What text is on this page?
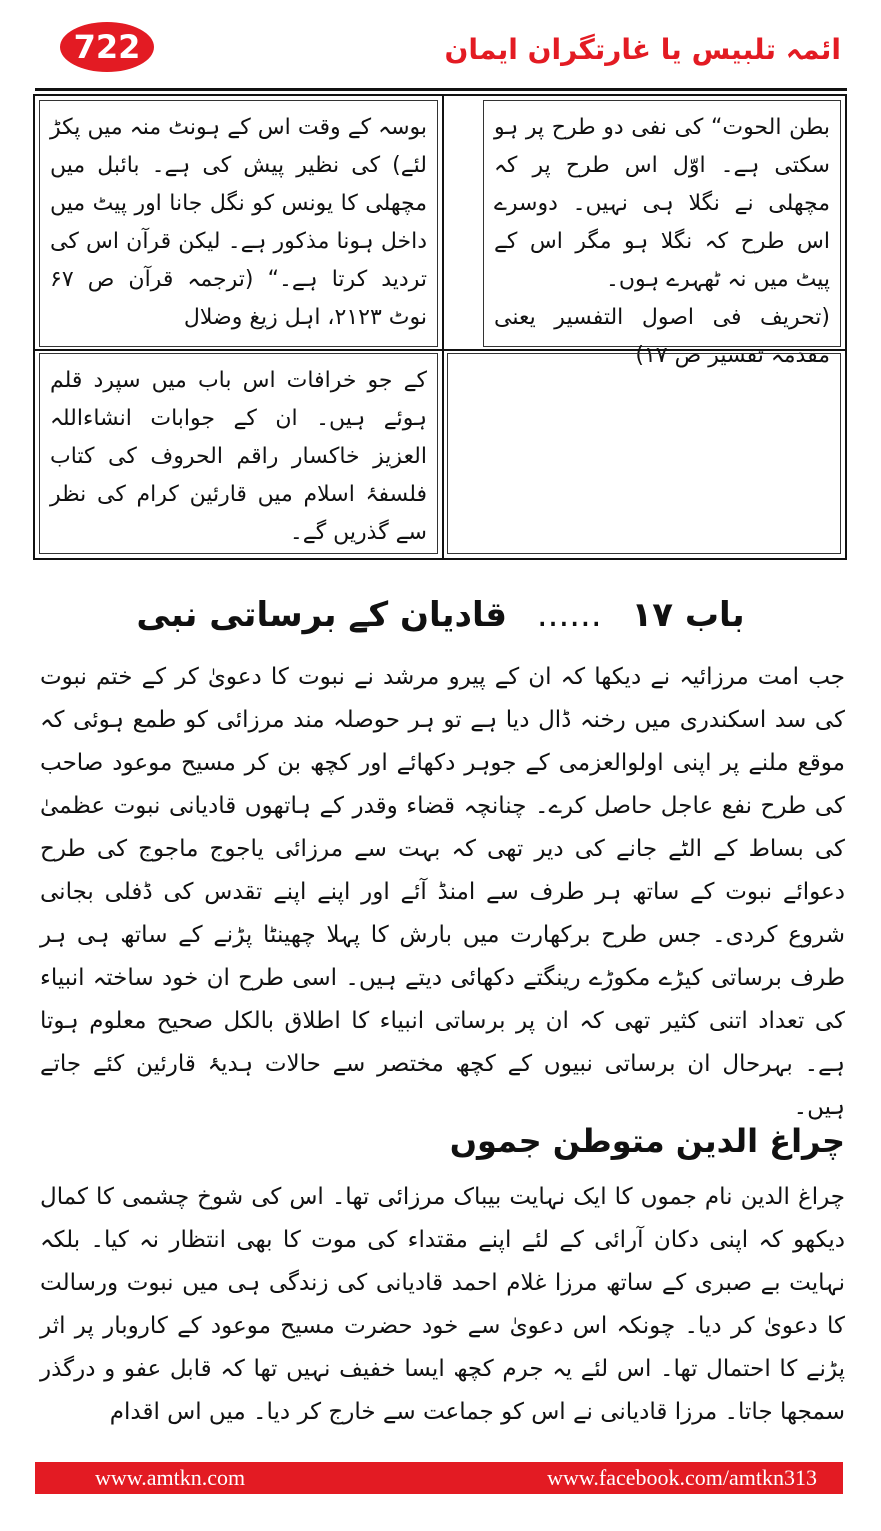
722	ائمہ تلبیس یا غارتگران ایمان

بطن الحوت“ کی نفی دو طرح پر ہو سکتی ہے۔ اوّل اس طرح پر کہ مچھلی نے نگلا ہی نہیں۔ دوسرے اس طرح کہ نگلا ہو مگر اس کے پیٹ میں نہ ٹھہرے ہوں۔

(تحریف فی اصول التفسیر یعنی مقدمہ تفسیر ص ۱۷)

بوسہ کے وقت اس کے ہونٹ منہ میں پکڑ لئے) کی نظیر پیش کی ہے۔ بائبل میں مچھلی کا یونس کو نگل جانا اور پیٹ میں داخل ہونا مذکور ہے۔ لیکن قرآن اس کی تردید کرتا ہے۔“ (ترجمہ قرآن ص ۶۷ نوٹ ۲۱۲۳، اہل زیغ وضلال

کے جو خرافات اس باب میں سپرد قلم ہوئے ہیں۔ ان کے جوابات انشاءاللہ العزیز خاکسار راقم الحروف کی کتاب فلسفۂ اسلام میں قارئین کرام کی نظر سے گذریں گے۔

باب ۱۷ ...... قادیان کے برساتی نبی

جب امت مرزائیہ نے دیکھا کہ ان کے پیرو مرشد نے نبوت کا دعویٰ کر کے ختم نبوت کی سد اسکندری میں رخنہ ڈال دیا ہے تو ہر حوصلہ مند مرزائی کو طمع ہوئی کہ موقع ملنے پر اپنی اولوالعزمی کے جوہر دکھائے اور کچھ بن کر مسیح موعود صاحب کی طرح نفع عاجل حاصل کرے۔ چنانچہ قضاء وقدر کے ہاتھوں قادیانی نبوت عظمیٰ کی بساط کے الٹے جانے کی دیر تھی کہ بہت سے مرزائی یاجوج ماجوج کی طرح دعوائے نبوت کے ساتھ ہر طرف سے امنڈ آئے اور اپنے اپنے تقدس کی ڈفلی بجانی شروع کردی۔ جس طرح برکھارت میں بارش کا پہلا چھینٹا پڑنے کے ساتھ ہی ہر طرف برساتی کیڑے مکوڑے رینگتے دکھائی دیتے ہیں۔ اسی طرح ان خود ساختہ انبیاء کی تعداد اتنی کثیر تھی کہ ان پر برساتی انبیاء کا اطلاق بالکل صحیح معلوم ہوتا ہے۔ بہرحال ان برساتی نبیوں کے کچھ مختصر سے حالات ہدیۂ قارئین کئے جاتے ہیں۔

چراغ الدین متوطن جموں

چراغ الدین نام جموں کا ایک نہایت بیباک مرزائی تھا۔ اس کی شوخ چشمی کا کمال دیکھو کہ اپنی دکان آرائی کے لئے اپنے مقتداء کی موت کا بھی انتظار نہ کیا۔ بلکہ نہایت بے صبری کے ساتھ مرزا غلام احمد قادیانی کی زندگی ہی میں نبوت ورسالت کا دعویٰ کر دیا۔ چونکہ اس دعویٰ سے خود حضرت مسیح موعود کے کاروبار پر اثر پڑنے کا احتمال تھا۔ اس لئے یہ جرم کچھ ایسا خفیف نہیں تھا کہ قابل عفو و درگذر سمجھا جاتا۔ مرزا قادیانی نے اس کو جماعت سے خارج کر دیا۔ میں اس اقدام

www.amtkn.com	www.facebook.com/amtkn313
